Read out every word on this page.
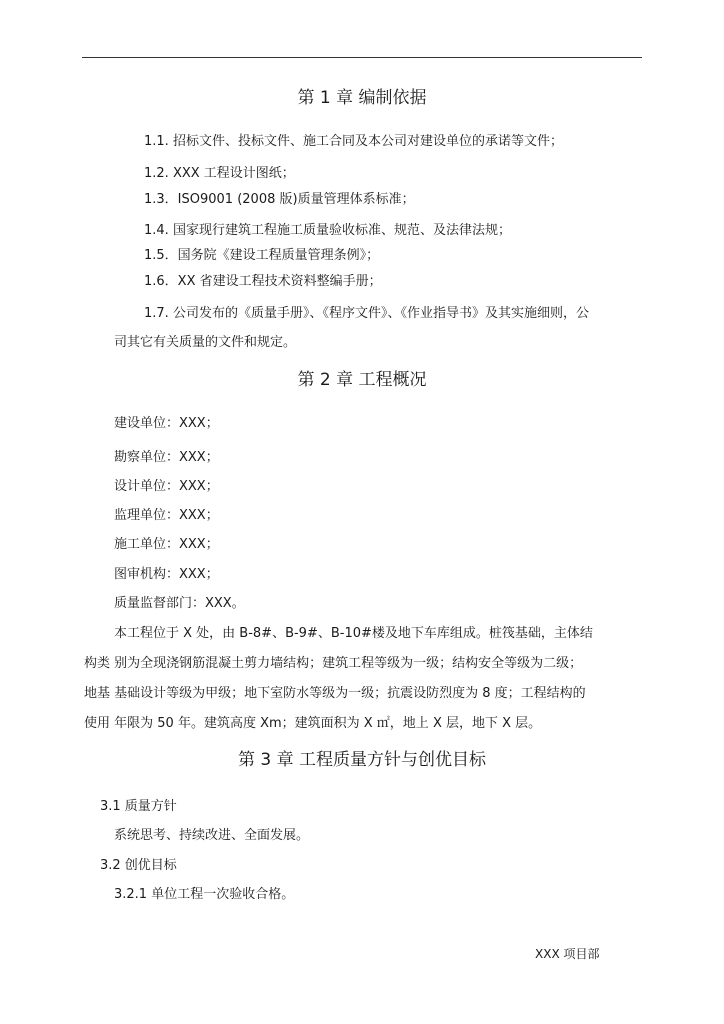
第 1 章 编制依据
1.1. 招标文件、投标文件、施工合同及本公司对建设单位的承诺等文件；
1.2. XXX 工程设计图纸；
1.3．ISO9001 (2008 版)质量管理体系标准；
1.4. 国家现行建筑工程施工质量验收标准、规范、及法律法规；
1.5．国务院《建设工程质量管理条例》；
1.6．XX 省建设工程技术资料整编手册；
1.7. 公司发布的《质量手册》、《程序文件》、《作业指导书》及其实施细则，公
司其它有关质量的文件和规定。
第 2 章 工程概况
建设单位：XXX；
勘察单位：XXX；
设计单位：XXX；
监理单位：XXX；
施工单位：XXX；
图审机构：XXX；
质量监督部门：XXX。
本工程位于 X 处，由 B-8#、B-9#、B-10#楼及地下车库组成。桩筏基础，主体结
构类 别为全现浇钢筋混凝土剪力墙结构；建筑工程等级为一级；结构安全等级为二级；
地基 基础设计等级为甲级；地下室防水等级为一级；抗震设防烈度为 8 度；工程结构的
使用 年限为 50 年。建筑高度 Xm；建筑面积为 X ㎡，地上 X 层，地下 X 层。
第 3 章 工程质量方针与创优目标
3.1 质量方针
系统思考、持续改进、全面发展。
3.2 创优目标
3.2.1 单位工程一次验收合格。
XXX 项目部
